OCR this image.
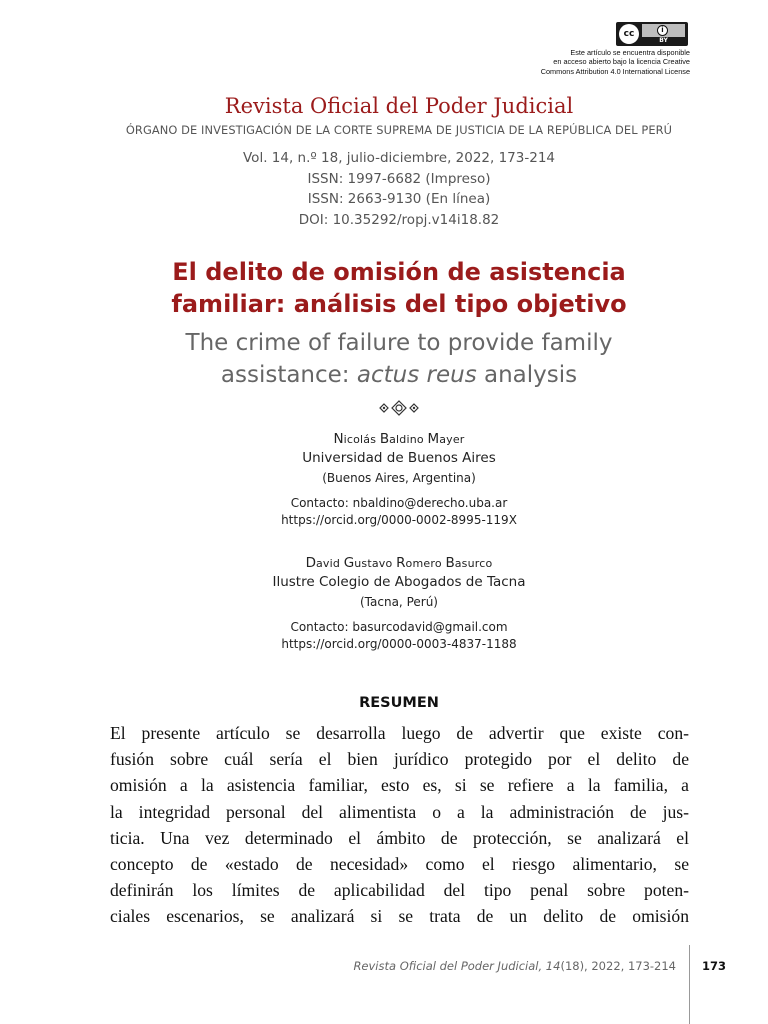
cc	i
BY
Este artículo se encuentra disponible
en acceso abierto bajo la licencia Creative
Commons Attribution 4.0 International License
Revista Oficial del Poder Judicial
ÓRGANO DE INVESTIGACIÓN DE LA CORTE SUPREMA DE JUSTICIA DE LA REPÚBLICA DEL PERÚ
Vol. 14, n.º 18, julio-diciembre, 2022, 173-214
ISSN: 1997-6682 (Impreso)
ISSN: 2663-9130 (En línea)
DOI: 10.35292/ropj.v14i18.82
El delito de omisión de asistencia
familiar: análisis del tipo objetivo
The crime of failure to provide family
assistance: actus reus analysis
Nicolás Baldino Mayer
Universidad de Buenos Aires
(Buenos Aires, Argentina)
Contacto: nbaldino@derecho.uba.ar
https://orcid.org/0000-0002-8995-119X
David Gustavo Romero Basurco
Ilustre Colegio de Abogados de Tacna
(Tacna, Perú)
Contacto: basurcodavid@gmail.com
https://orcid.org/0000-0003-4837-1188
RESUMEN

El presente artículo se desarrolla luego de advertir que existe con-

fusión sobre cuál sería el bien jurídico protegido por el delito de

omisión a la asistencia familiar, esto es, si se refiere a la familia, a

la integridad personal del alimentista o a la administración de jus-

ticia. Una vez determinado el ámbito de protección, se analizará el

concepto de «estado de necesidad» como el riesgo alimentario, se

definirán los límites de aplicabilidad del tipo penal sobre poten-

ciales escenarios, se analizará si se trata de un delito de omisión

Revista Oficial del Poder Judicial, 14(18), 2022, 173-214 173
